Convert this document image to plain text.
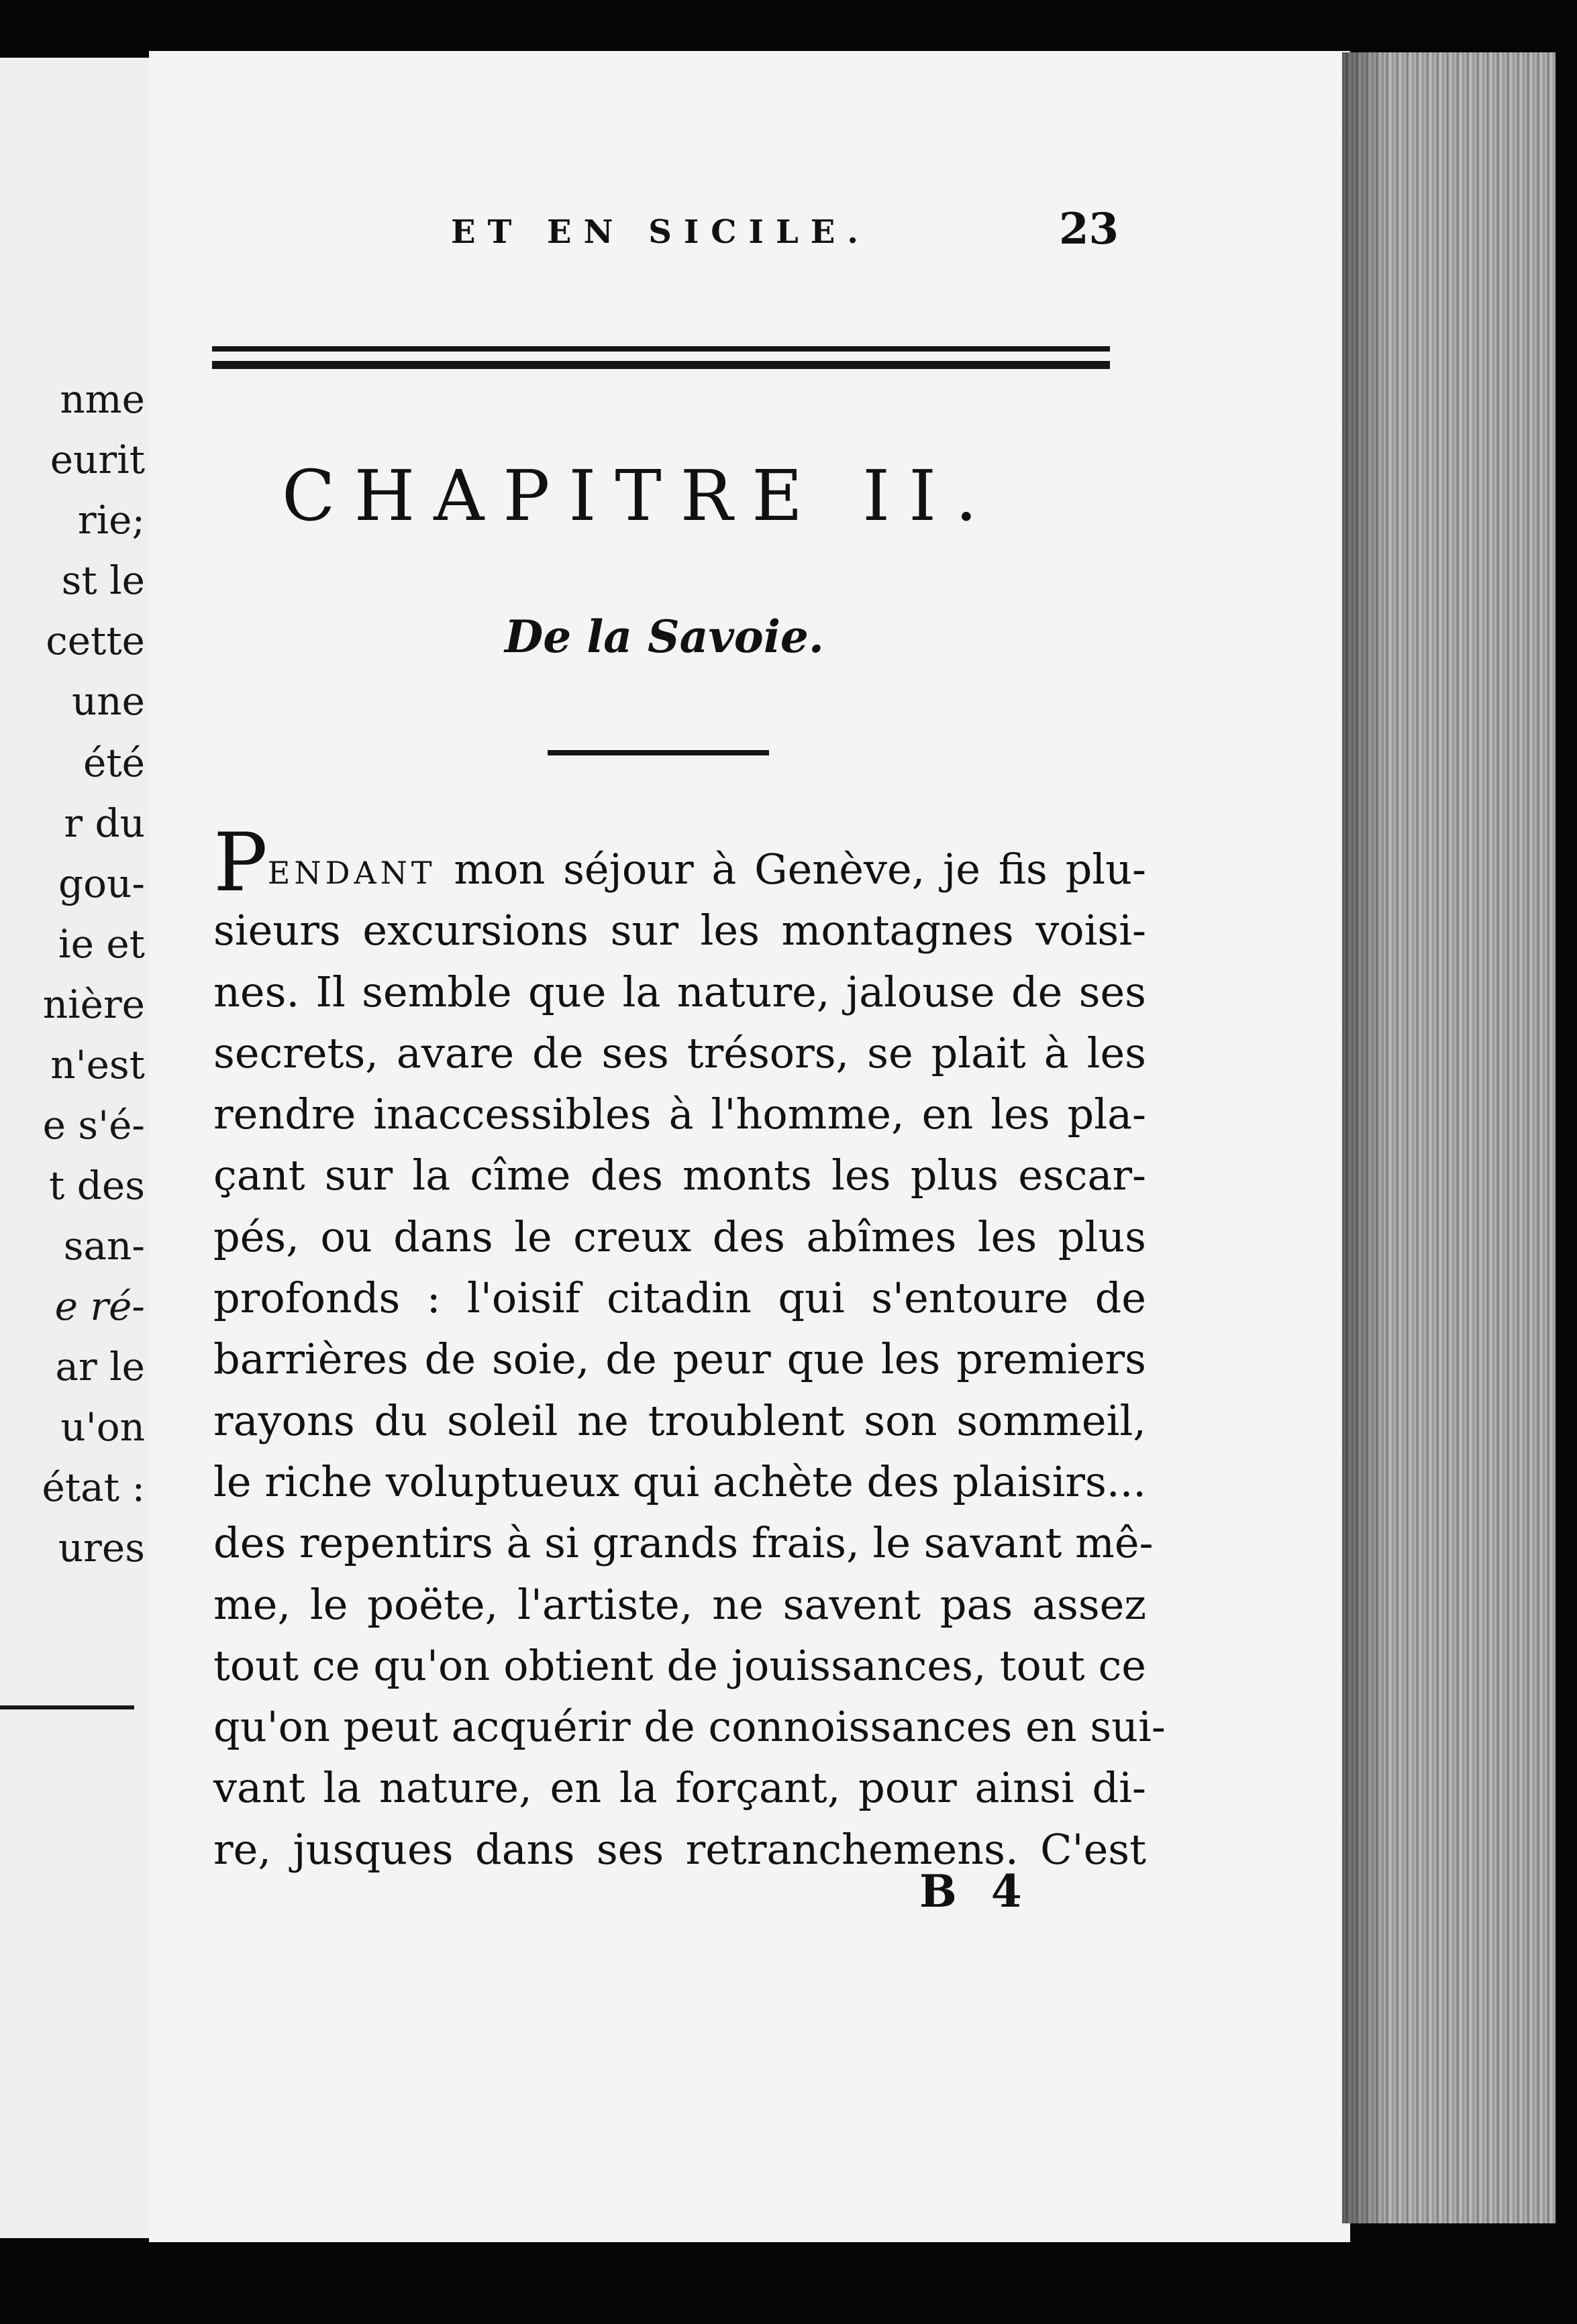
nme
eurit
rie;
st le
cette
une
été
r du
gou-
ie et
nière
n'est
e s'é-
t des
san-
e ré-
ar le
u'on
état :
ures
ET EN SICILE.	23
CHAPITRE II.
De la Savoie.
PENDANT mon séjour à Genève, je fis plu-
sieurs excursions sur les montagnes voisi-
nes. Il semble que la nature, jalouse de ses
secrets, avare de ses trésors, se plait à les
rendre inaccessibles à l'homme, en les pla-
çant sur la cîme des monts les plus escar-
pés, ou dans le creux des abîmes les plus
profonds : l'oisif citadin qui s'entoure de
barrières de soie, de peur que les premiers
rayons du soleil ne troublent son sommeil,
le riche voluptueux qui achète des plaisirs...
des repentirs à si grands frais, le savant mê-
me, le poëte, l'artiste, ne savent pas assez
tout ce qu'on obtient de jouissances, tout ce
qu'on peut acquérir de connoissances en sui-
vant la nature, en la forçant, pour ainsi di-
re, jusques dans ses retranchemens. C'est
B 4
